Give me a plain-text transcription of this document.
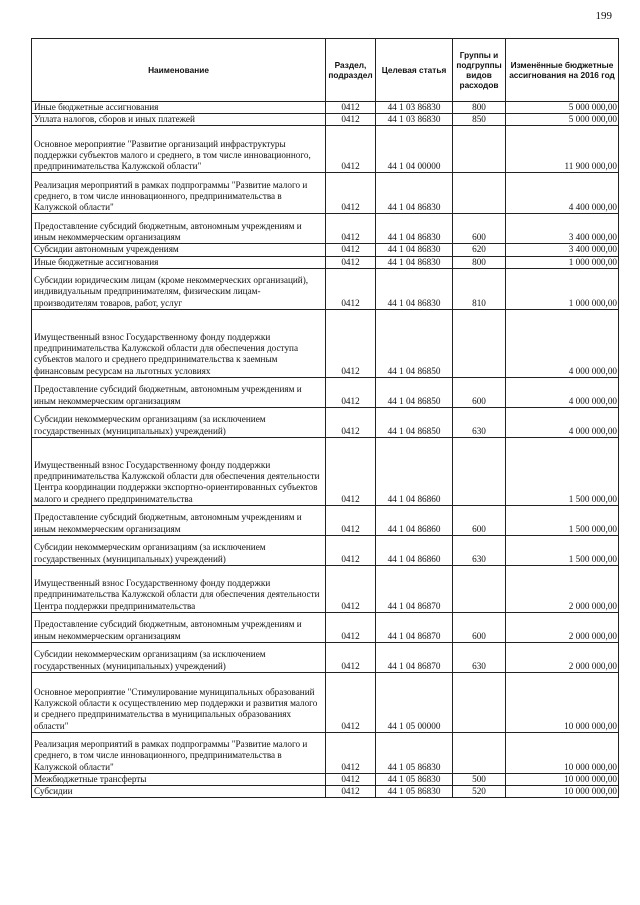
199
Наименование	Раздел, подраздел	Целевая статья	Группы и подгруппы видов расходов	Изменённые бюджетные ассигнования на 2016 год
Иные бюджетные ассигнования	0412	44 1 03 86830	800	5 000 000,00
Уплата налогов, сборов и иных платежей	0412	44 1 03 86830	850	5 000 000,00
Основное мероприятие "Развитие организаций инфраструктуры поддержки субъектов малого и среднего, в том числе инновационного, предпринимательства Калужской области"	0412	44 1 04 00000		11 900 000,00
Реализация мероприятий в рамках подпрограммы "Развитие малого и среднего, в том числе инновационного, предпринимательства в Калужской области"	0412	44 1 04 86830		4 400 000,00
Предоставление субсидий бюджетным, автономным учреждениям и иным некоммерческим организациям	0412	44 1 04 86830	600	3 400 000,00
Субсидии автономным учреждениям	0412	44 1 04 86830	620	3 400 000,00
Иные бюджетные ассигнования	0412	44 1 04 86830	800	1 000 000,00
Субсидии юридическим лицам (кроме некоммерческих организаций), индивидуальным предпринимателям, физическим лицам-производителям товаров, работ, услуг	0412	44 1 04 86830	810	1 000 000,00
Имущественный взнос Государственному фонду поддержки предпринимательства Калужской области для обеспечения доступа субъектов малого и среднего предпринимательства к заемным финансовым ресурсам на льготных условиях	0412	44 1 04 86850		4 000 000,00
Предоставление субсидий бюджетным, автономным учреждениям и иным некоммерческим организациям	0412	44 1 04 86850	600	4 000 000,00
Субсидии некоммерческим организациям (за исключением государственных (муниципальных) учреждений)	0412	44 1 04 86850	630	4 000 000,00
Имущественный взнос Государственному фонду поддержки предпринимательства Калужской области для обеспечения деятельности Центра координации поддержки экспортно-ориентированных субъектов малого и среднего предпринимательства	0412	44 1 04 86860		1 500 000,00
Предоставление субсидий бюджетным, автономным учреждениям и иным некоммерческим организациям	0412	44 1 04 86860	600	1 500 000,00
Субсидии некоммерческим организациям (за исключением государственных (муниципальных) учреждений)	0412	44 1 04 86860	630	1 500 000,00
Имущественный взнос Государственному фонду поддержки предпринимательства Калужской области для обеспечения деятельности Центра поддержки предпринимательства	0412	44 1 04 86870		2 000 000,00
Предоставление субсидий бюджетным, автономным учреждениям и иным некоммерческим организациям	0412	44 1 04 86870	600	2 000 000,00
Субсидии некоммерческим организациям (за исключением государственных (муниципальных) учреждений)	0412	44 1 04 86870	630	2 000 000,00
Основное мероприятие "Стимулирование муниципальных образований Калужской области к осуществлению мер поддержки и развития малого и среднего предпринимательства в муниципальных образованиях области"	0412	44 1 05 00000		10 000 000,00
Реализация мероприятий в рамках подпрограммы "Развитие малого и среднего, в том числе инновационного, предпринимательства в Калужской области"	0412	44 1 05 86830		10 000 000,00
Межбюджетные трансферты	0412	44 1 05 86830	500	10 000 000,00
Субсидии	0412	44 1 05 86830	520	10 000 000,00
